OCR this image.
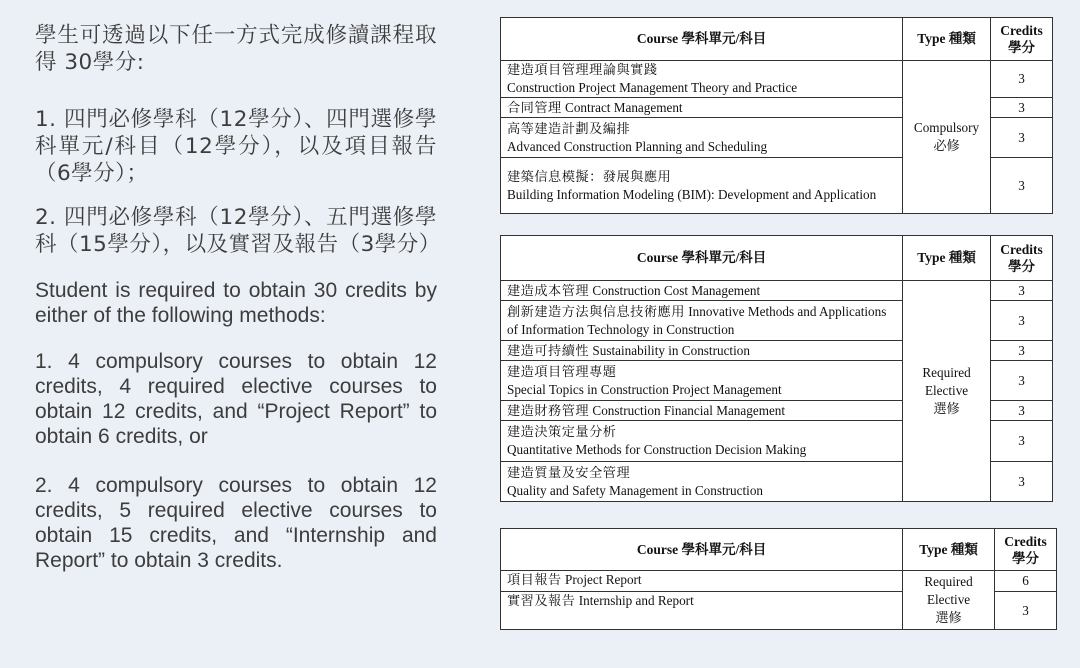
學生可透過以下任一方式完成修讀課程取得 30學分:

1. 四門必修學科（12學分）、四門選修學科單元/科目（12學分），以及項目報告（6學分）；

2. 四門必修學科（12學分）、五門選修學科（15學分），以及實習及報告（3學分）

Student is required to obtain 30 credits by either of the following methods:

1. 4 compulsory courses to obtain 12 credits, 4 required elective courses to obtain 12 credits, and “Project Report” to obtain 6 credits, or

2. 4 compulsory courses to obtain 12 credits, 5 required elective courses to obtain 15 credits, and “Internship and Report” to obtain 3 credits.

Course 學科單元/科目	Type 種類	Credits
學分
建造項目管理理論與實踐
Construction Project Management Theory and Practice	Compulsory
必修	3
合同管理 Contract Management		3
高等建造計劃及編排
Advanced Construction Planning and Scheduling		3
建築信息模擬：發展與應用
Building Information Modeling (BIM): Development and Application		3
Course 學科單元/科目	Type 種類	Credits
學分
建造成本管理 Construction Cost Management	Required
Elective
選修	3
創新建造方法與信息技術應用 Innovative Methods and Applications of Information Technology in Construction		3
建造可持續性 Sustainability in Construction		3
建造項目管理專題
Special Topics in Construction Project Management		3
建造財務管理 Construction Financial Management		3
建造決策定量分析
Quantitative Methods for Construction Decision Making		3
建造質量及安全管理
Quality and Safety Management in Construction		3
Course 學科單元/科目	Type 種類	Credits
學分
項目報告 Project Report	Required
Elective
選修	6
實習及報告 Internship and Report		3
